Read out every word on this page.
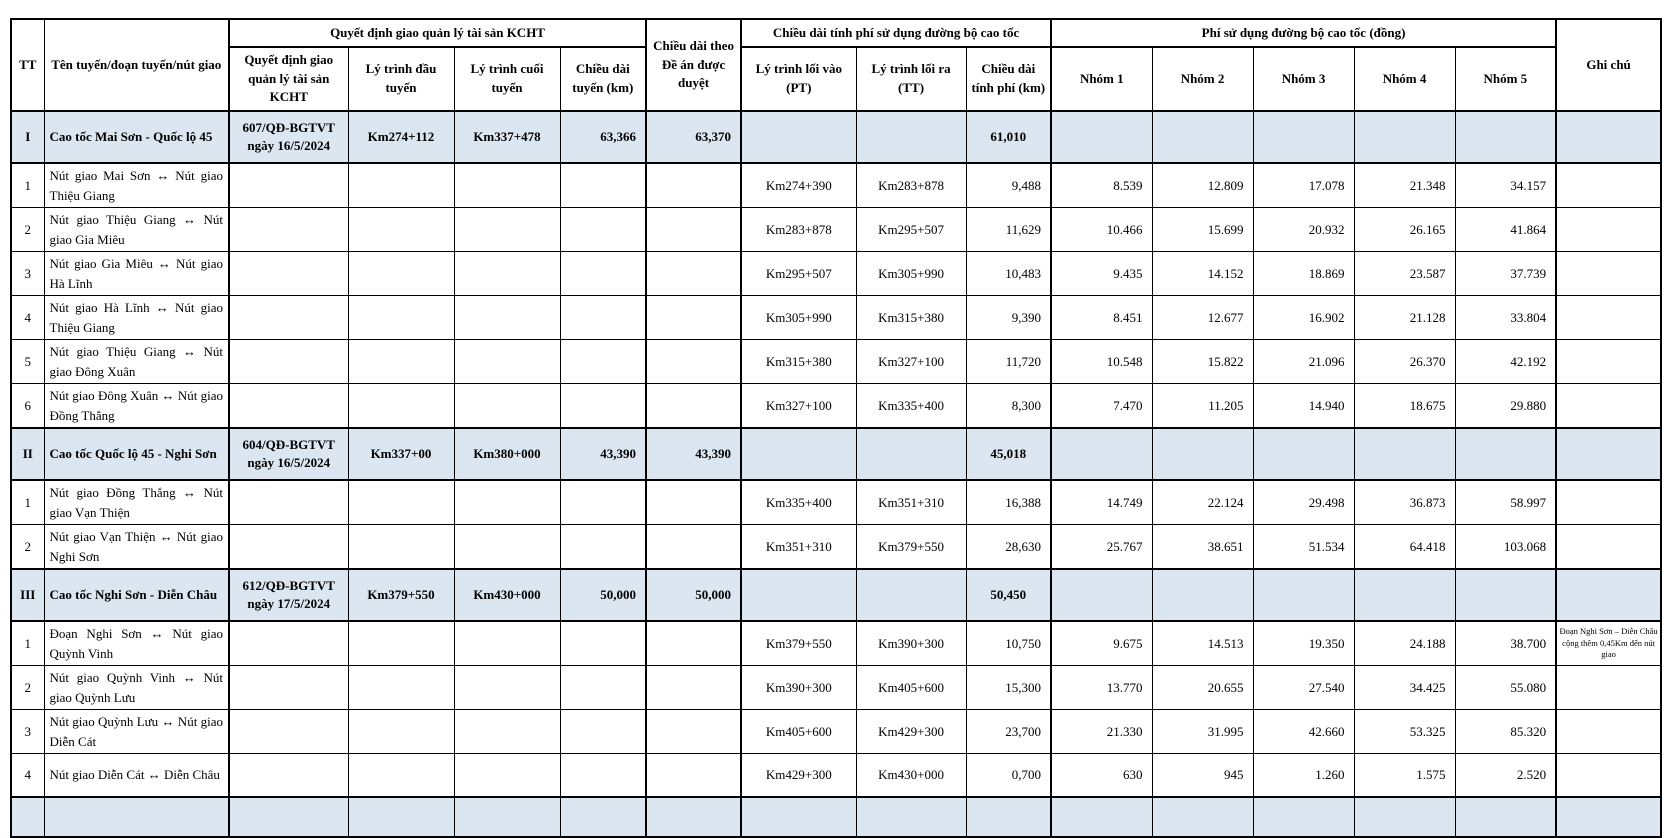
TT	Tên tuyến/đoạn tuyến/nút giao	Quyết định giao quản lý tài sản KCHT				Chiều dài theo Đề án được duyệt	Chiều dài tính phí sử dụng đường bộ cao tốc			Phí sử dụng đường bộ cao tốc (đồng)					Ghi chú
		Quyết định giao quản lý tài sản KCHT	Lý trình đầu tuyến	Lý trình cuối tuyến	Chiều dài tuyến (km)		Lý trình lối vào (PT)	Lý trình lối ra (TT)	Chiều dài tính phí (km)	Nhóm 1	Nhóm 2	Nhóm 3	Nhóm 4	Nhóm 5	
I	Cao tốc Mai Sơn - Quốc lộ 45	607/QĐ-BGTVT ngày 16/5/2024	Km274+112	Km337+478	63,366	63,370			61,010						
1	Nút giao Mai Sơn ↔ Nút giao Thiệu Giang						Km274+390	Km283+878	9,488	8.539	12.809	17.078	21.348	34.157	
2	Nút giao Thiệu Giang ↔ Nút giao Gia Miêu						Km283+878	Km295+507	11,629	10.466	15.699	20.932	26.165	41.864	
3	Nút giao Gia Miêu ↔ Nút giao Hà Lĩnh						Km295+507	Km305+990	10,483	9.435	14.152	18.869	23.587	37.739	
4	Nút giao Hà Lĩnh ↔ Nút giao Thiệu Giang						Km305+990	Km315+380	9,390	8.451	12.677	16.902	21.128	33.804	
5	Nút giao Thiệu Giang ↔ Nút giao Đông Xuân						Km315+380	Km327+100	11,720	10.548	15.822	21.096	26.370	42.192	
6	Nút giao Đông Xuân ↔ Nút giao Đồng Thắng						Km327+100	Km335+400	8,300	7.470	11.205	14.940	18.675	29.880	
II	Cao tốc Quốc lộ 45 - Nghi Sơn	604/QĐ-BGTVT ngày 16/5/2024	Km337+00	Km380+000	43,390	43,390			45,018						
1	Nút giao Đồng Thắng ↔ Nút giao Vạn Thiện						Km335+400	Km351+310	16,388	14.749	22.124	29.498	36.873	58.997	
2	Nút giao Vạn Thiện ↔ Nút giao Nghi Sơn						Km351+310	Km379+550	28,630	25.767	38.651	51.534	64.418	103.068	
III	Cao tốc Nghi Sơn - Diễn Châu	612/QĐ-BGTVT ngày 17/5/2024	Km379+550	Km430+000	50,000	50,000			50,450						
1	Đoạn Nghi Sơn ↔ Nút giao Quỳnh Vinh						Km379+550	Km390+300	10,750	9.675	14.513	19.350	24.188	38.700	Đoạn Nghi Sơn – Diễn Châu cộng thêm 0,45Km đến nút giao
2	Nút giao Quỳnh Vinh ↔ Nút giao Quỳnh Lưu						Km390+300	Km405+600	15,300	13.770	20.655	27.540	34.425	55.080	
3	Nút giao Quỳnh Lưu ↔ Nút giao Diễn Cát						Km405+600	Km429+300	23,700	21.330	31.995	42.660	53.325	85.320	
4	Nút giao Diễn Cát ↔ Diễn Châu						Km429+300	Km430+000	0,700	630	945	1.260	1.575	2.520	
